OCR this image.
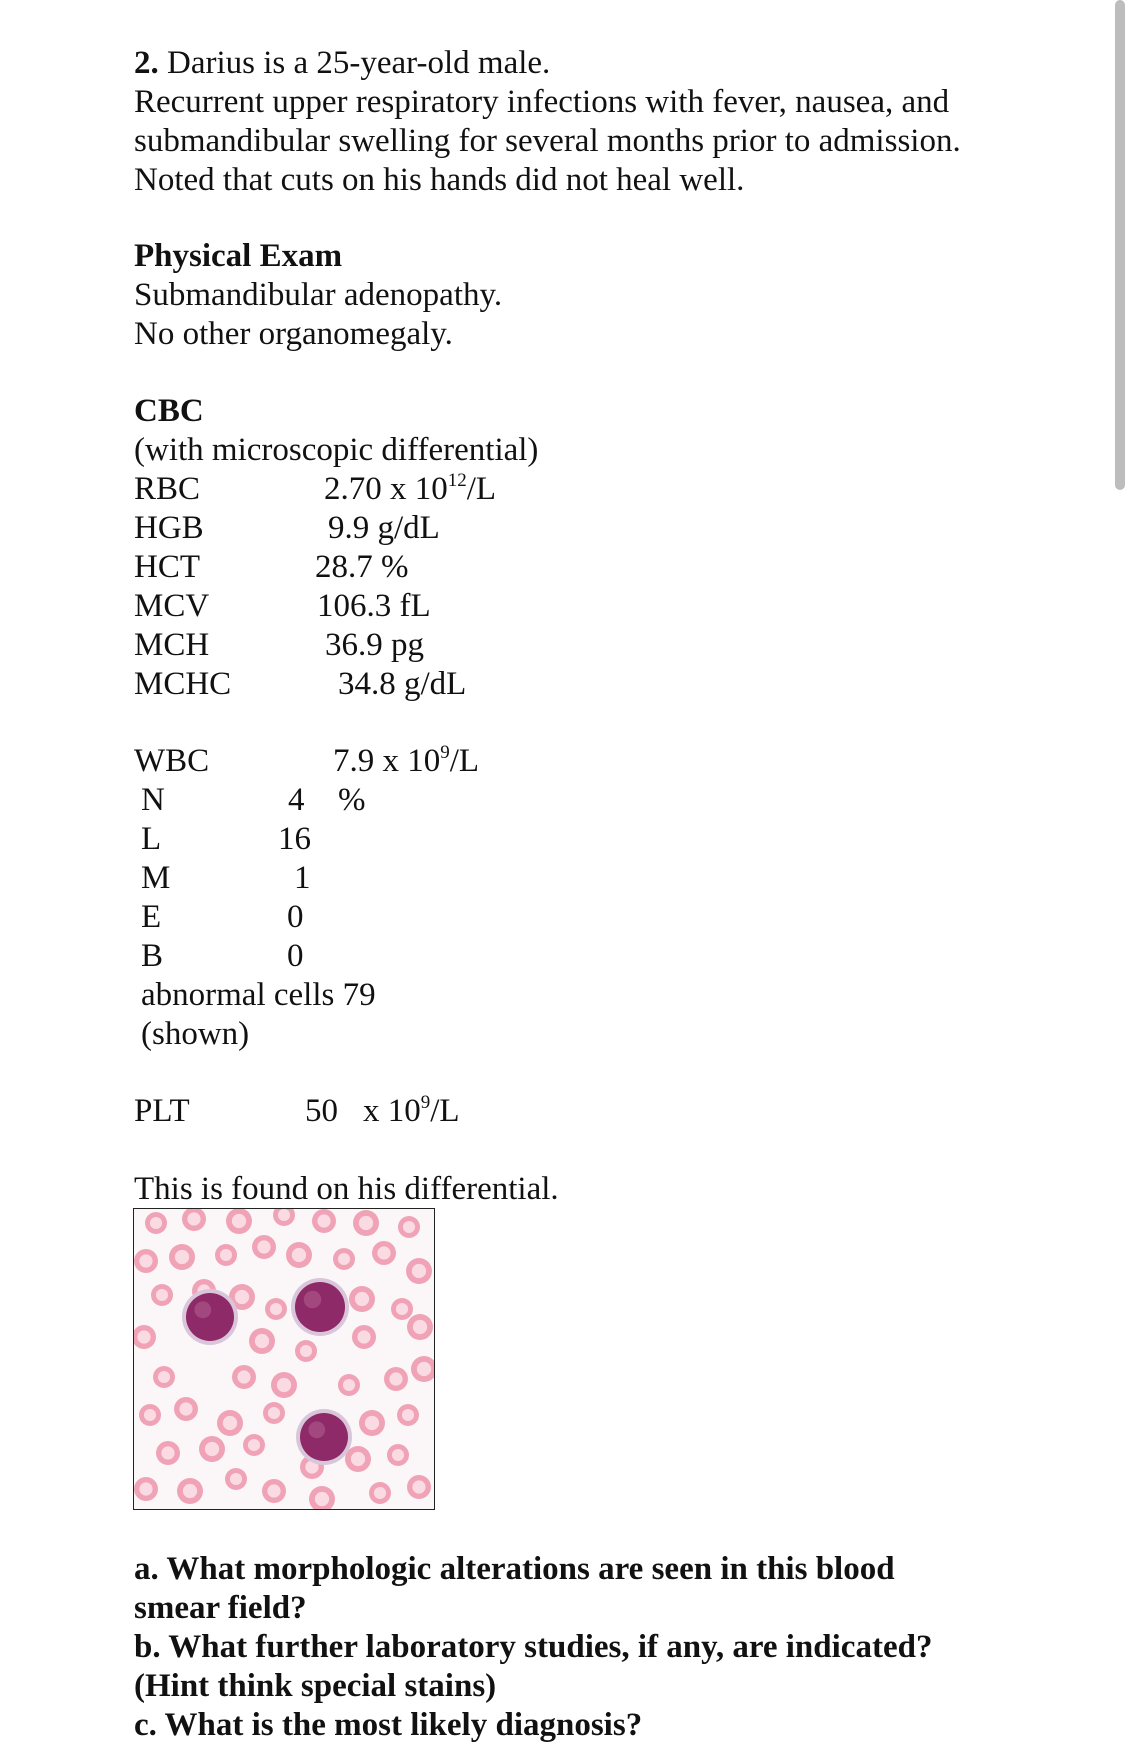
2. Darius is a 25-year-old male.
Recurrent upper respiratory infections with fever, nausea, and
submandibular swelling for several months prior to admission.
Noted that cuts on his hands did not heal well.
Physical Exam
Submandibular adenopathy.
No other organomegaly.
CBC
(with microscopic differential)
RBC	2.70 x $10^{12}/L$
HGB	9.9 g/dL
HCT	28.7 %
MCV	106.3 fL
MCH	36.9 pg
MCHC	34.8 g/dL
WBC	7.9 x $10^9/L$
N	4 %
L	16
M	1
E	0
B	0
abnormal cells 79
(shown)
PLT	50 x $10^9/L$
This is found on his differential.
a. What morphologic alterations are seen in this blood
smear field?
b. What further laboratory studies, if any, are indicated?
(Hint think special stains)
c. What is the most likely diagnosis?
